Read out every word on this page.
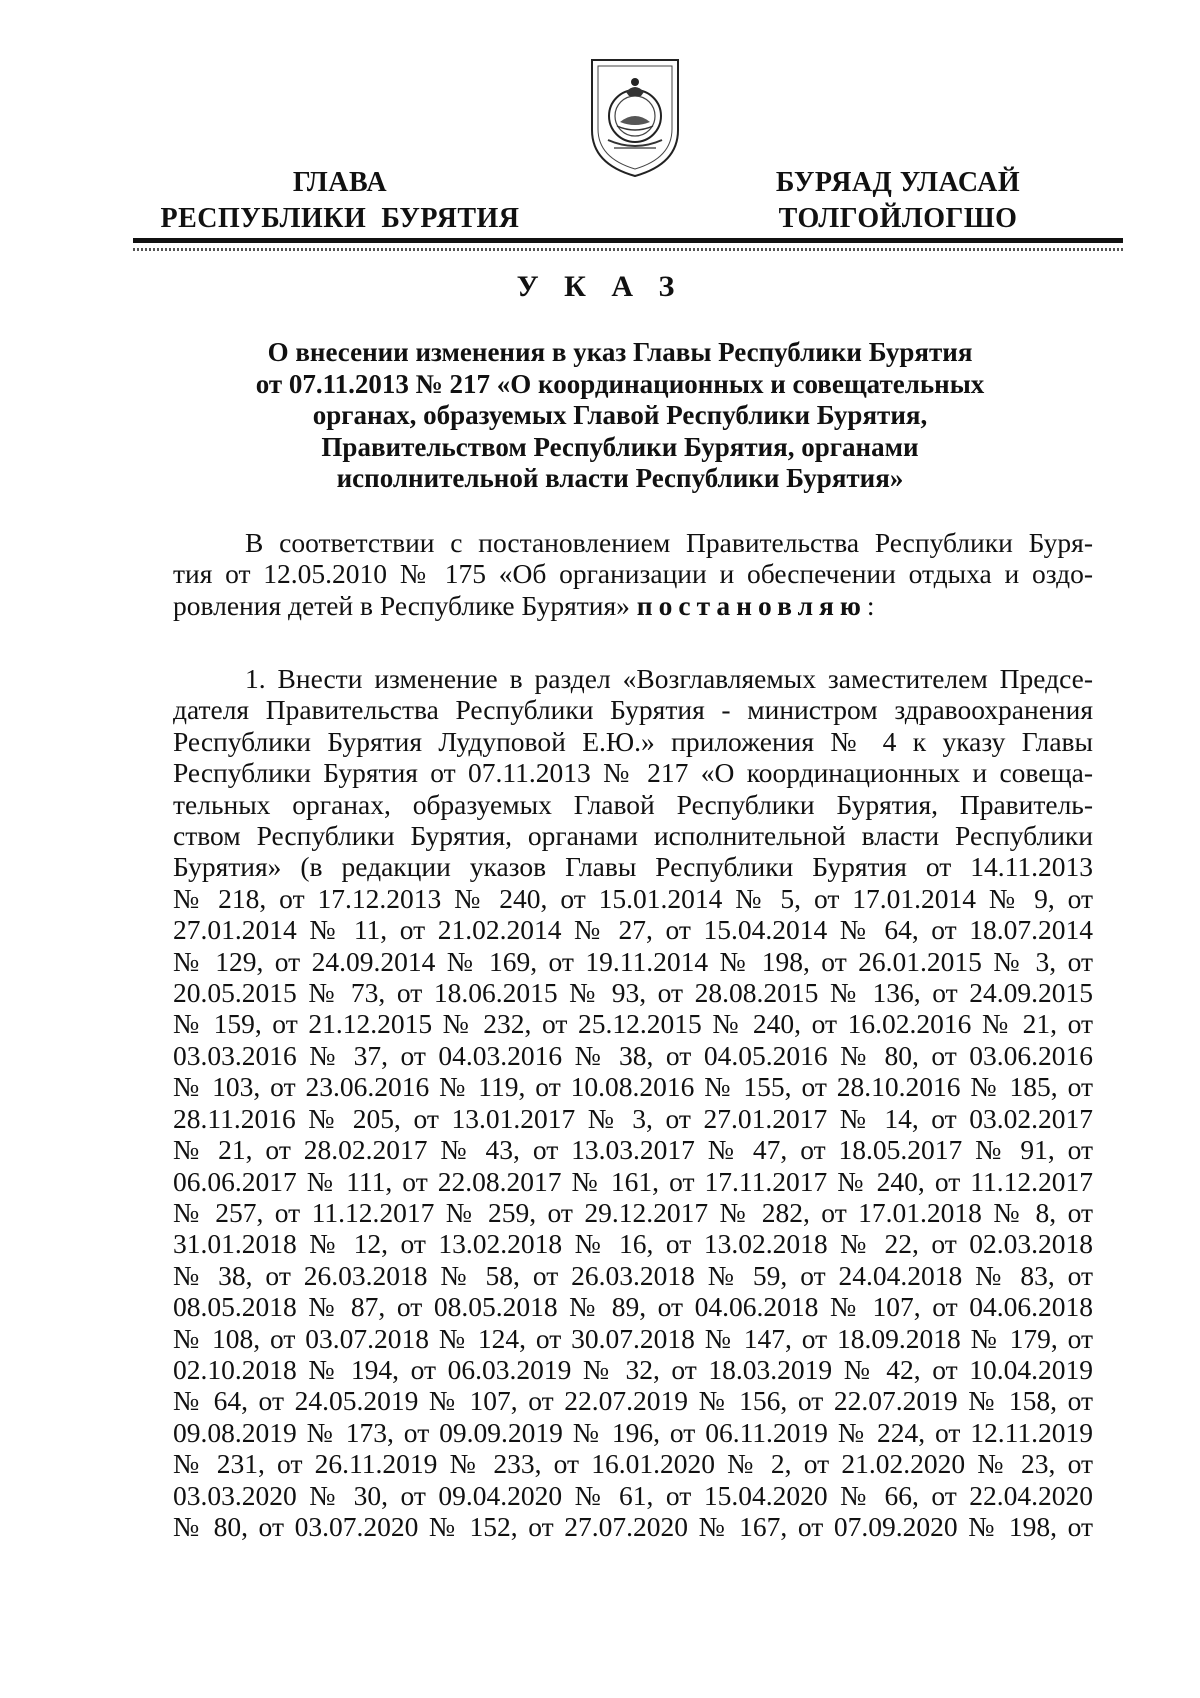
ГЛАВА
РЕСПУБЛИКИ  БУРЯТИЯ
БУРЯАД УЛАСАЙ
ТОЛГОЙЛОГШО
У К А З
О внесении изменения в указ Главы Республики Бурятия
от 07.11.2013 № 217 «О координационных и совещательных
органах, образуемых Главой Республики Бурятия,
Правительством Республики Бурятия, органами
исполнительной власти Республики Бурятия»
В соответствии с постановлением Правительства Республики Буря-
тия от 12.05.2010 № 175 «Об организации и обеспечении отдыха и оздо-
ровления детей в Республике Бурятия» постановляю:
1. Внести изменение в раздел «Возглавляемых заместителем Предсе-
дателя Правительства Республики Бурятия - министром здравоохранения
Республики Бурятия Лудуповой Е.Ю.» приложения № 4 к указу Главы
Республики Бурятия от 07.11.2013 № 217 «О координационных и совеща-
тельных органах, образуемых Главой Республики Бурятия, Правитель-
ством Республики Бурятия, органами исполнительной власти Республики
Бурятия» (в редакции указов Главы Республики Бурятия от 14.11.2013
№ 218, от 17.12.2013 № 240, от 15.01.2014 № 5, от 17.01.2014 № 9, от
27.01.2014 № 11, от 21.02.2014 № 27, от 15.04.2014 № 64, от 18.07.2014
№ 129, от 24.09.2014 № 169, от 19.11.2014 № 198, от 26.01.2015 № 3, от
20.05.2015 № 73, от 18.06.2015 № 93, от 28.08.2015 № 136, от 24.09.2015
№ 159, от 21.12.2015 № 232, от 25.12.2015 № 240, от 16.02.2016 № 21, от
03.03.2016 № 37, от 04.03.2016 № 38, от 04.05.2016 № 80, от 03.06.2016
№ 103, от 23.06.2016 № 119, от 10.08.2016 № 155, от 28.10.2016 № 185, от
28.11.2016 № 205, от 13.01.2017 № 3, от 27.01.2017 № 14, от 03.02.2017
№ 21, от 28.02.2017 № 43, от 13.03.2017 № 47, от 18.05.2017 № 91, от
06.06.2017 № 111, от 22.08.2017 № 161, от 17.11.2017 № 240, от 11.12.2017
№ 257, от 11.12.2017 № 259, от 29.12.2017 № 282, от 17.01.2018 № 8, от
31.01.2018 № 12, от 13.02.2018 № 16, от 13.02.2018 № 22, от 02.03.2018
№ 38, от 26.03.2018 № 58, от 26.03.2018 № 59, от 24.04.2018 № 83, от
08.05.2018 № 87, от 08.05.2018 № 89, от 04.06.2018 № 107, от 04.06.2018
№ 108, от 03.07.2018 № 124, от 30.07.2018 № 147, от 18.09.2018 № 179, от
02.10.2018 № 194, от 06.03.2019 № 32, от 18.03.2019 № 42, от 10.04.2019
№ 64, от 24.05.2019 № 107, от 22.07.2019 № 156, от 22.07.2019 № 158, от
09.08.2019 № 173, от 09.09.2019 № 196, от 06.11.2019 № 224, от 12.11.2019
№ 231, от 26.11.2019 № 233, от 16.01.2020 № 2, от 21.02.2020 № 23, от
03.03.2020 № 30, от 09.04.2020 № 61, от 15.04.2020 № 66, от 22.04.2020
№ 80, от 03.07.2020 № 152, от 27.07.2020 № 167, от 07.09.2020 № 198, от
